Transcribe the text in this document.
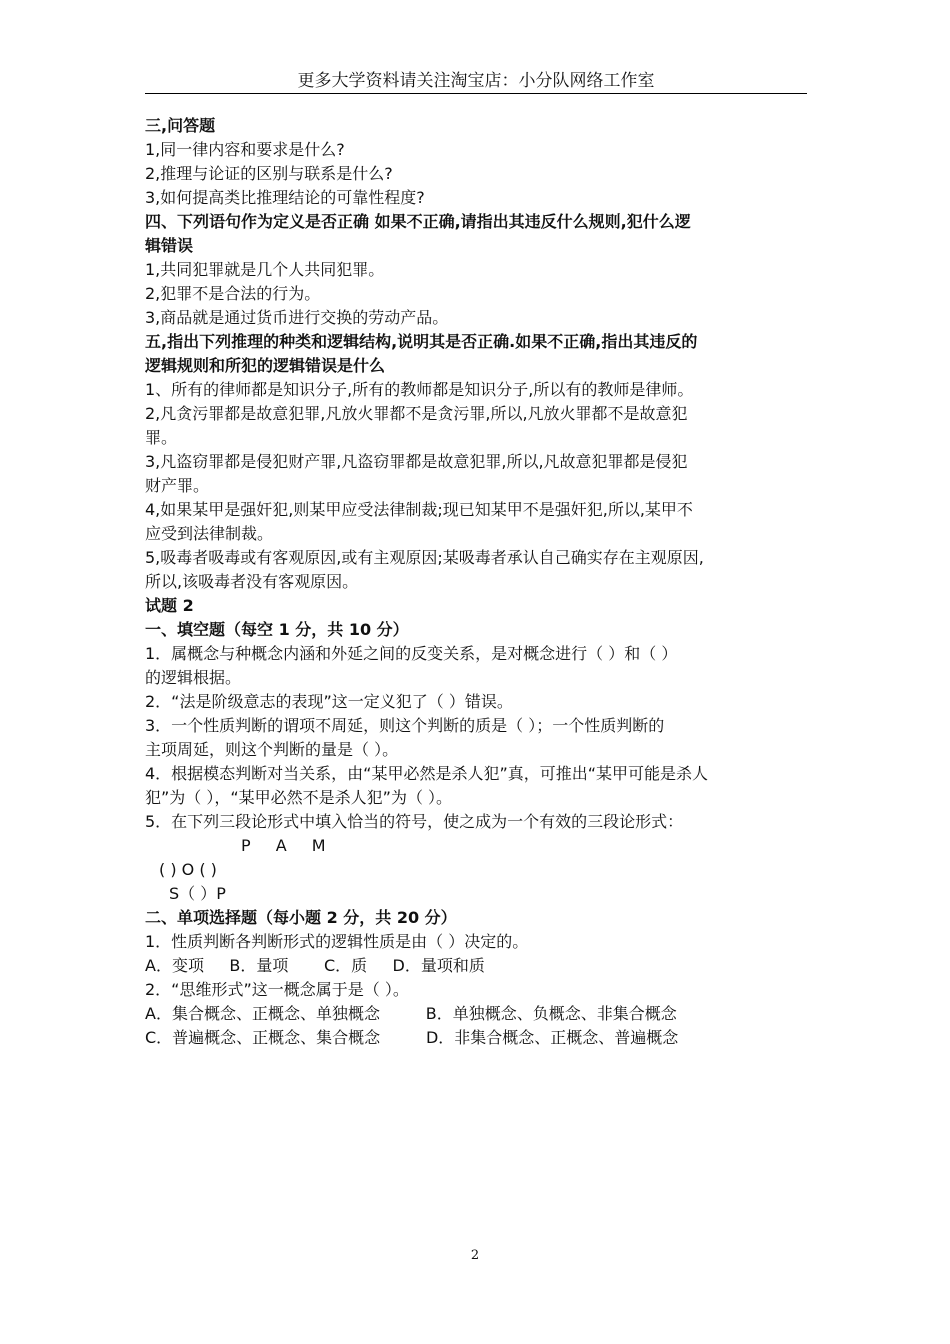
更多大学资料请关注淘宝店：小分队网络工作室

三,问答题

1,同一律内容和要求是什么?

2,推理与论证的区别与联系是什么?

3,如何提高类比推理结论的可靠性程度?

四、下列语句作为定义是否正确 如果不正确,请指出其违反什么规则,犯什么逻

辑错误

1,共同犯罪就是几个人共同犯罪。

2,犯罪不是合法的行为。

3,商品就是通过货币进行交换的劳动产品。

五,指出下列推理的种类和逻辑结构,说明其是否正确.如果不正确,指出其违反的

逻辑规则和所犯的逻辑错误是什么

1、所有的律师都是知识分子,所有的教师都是知识分子,所以有的教师是律师。

2,凡贪污罪都是故意犯罪,凡放火罪都不是贪污罪,所以,凡放火罪都不是故意犯

罪。

3,凡盗窃罪都是侵犯财产罪,凡盗窃罪都是故意犯罪,所以,凡故意犯罪都是侵犯

财产罪。

4,如果某甲是强奸犯,则某甲应受法律制裁;现已知某甲不是强奸犯,所以,某甲不

应受到法律制裁。

5,吸毒者吸毒或有客观原因,或有主观原因;某吸毒者承认自己确实存在主观原因,

所以,该吸毒者没有客观原因。

试题 2

一、填空题（每空 1 分，共 10 分）

1．属概念与种概念内涵和外延之间的反变关系，是对概念进行（ ）和（ ）

的逻辑根据。

2．“法是阶级意志的表现”这一定义犯了（ ）错误。

3．一个性质判断的谓项不周延，则这个判断的质是（ ）；一个性质判断的

主项周延，则这个判断的量是（ ）。

4．根据模态判断对当关系，由“某甲必然是杀人犯”真，可推出“某甲可能是杀人

犯”为（ ），“某甲必然不是杀人犯”为（ ）。

5．在下列三段论形式中填入恰当的符号，使之成为一个有效的三段论形式：

P A M

( ) O ( )

S（ ）P

二、单项选择题（每小题 2 分，共 20 分）

1．性质判断各判断形式的逻辑性质是由（ ）决定的。

A．变项     B．量项       C．质     D．量项和质

2．“思维形式”这一概念属于是（ ）。

A．集合概念、正概念、单独概念         B．单独概念、负概念、非集合概念

C．普遍概念、正概念、集合概念         D．非集合概念、正概念、普遍概念

2
